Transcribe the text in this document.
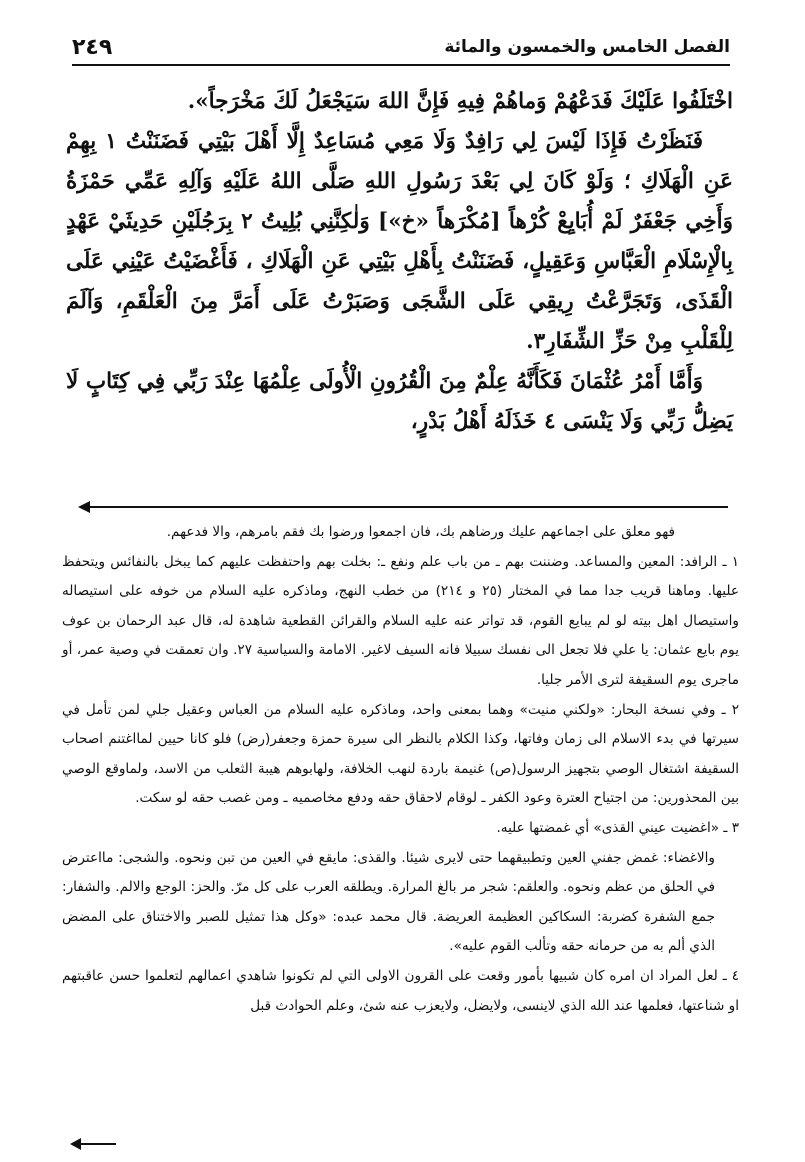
الفصل الخامس والخمسون والمائة
٢٤٩

اخْتَلَفُوا عَلَيْكَ فَدَعْهُمْ وَماهُمْ فِيهِ فَإِنَّ اللهَ سَيَجْعَلُ لَكَ مَخْرَجاً».

فَنَظَرْتُ فَإِذَا لَيْسَ لِي رَافِدٌ وَلَا مَعِي مُسَاعِدٌ إِلَّا أَهْلَ بَيْتِي فَضَنَنْتُ ١ بِهِمْ عَنِ الْهَلَاكِ ؛ وَلَوْ كَانَ لِي بَعْدَ رَسُولِ اللهِ صَلَّى اللهُ عَلَيْهِ وَآلِهِ عَمِّي حَمْزَةُ وَأَخِي جَعْفَرٌ لَمْ أُبَايِعْ كُرْهاً [مُكْرَهاً «خ»] وَلٰكِنَّنِي بُلِيتُ ٢ بِرَجُلَيْنِ حَدِيثَيْ عَهْدٍ بِالْإِسْلَامِ الْعَبَّاسِ وَعَقِيلٍ، فَضَنَنْتُ بِأَهْلِ بَيْتِي عَنِ الْهَلَاكِ ، فَأَغْضَيْتُ عَيْنِي عَلَى الْقَذَى، وَتَجَرَّعْتُ رِيقِي عَلَى الشَّجَى وَصَبَرْتُ عَلَى أَمَرَّ مِنَ الْعَلْقَمِ، وَآلَمَ لِلْقَلْبِ مِنْ حَزِّ الشِّفَارِ٣.

وَأَمَّا أَمْرُ عُثْمَانَ فَكَأَنَّهُ عِلْمٌ مِنَ الْقُرُونِ الْأُولَى عِلْمُهَا عِنْدَ رَبِّي فِي كِتَابٍ لَا يَضِلُّ رَبِّي وَلَا يَنْسَى ٤ خَذَلَهُ أَهْلُ بَدْرٍ،

فهو معلق على اجماعهم عليك ورضاهم بك، فان اجمعوا ورضوا بك فقم بامرهم، والا فدعهم.

١ ـ الرافد: المعين والمساعد. وضننت بهم ـ من باب علم ونفع ـ: بخلت بهم واحتفظت عليهم كما يبخل بالنفائس ويتحفظ عليها. وماهنا قريب جدا مما في المختار (٢٥ و ٢١٤) من خطب النهج، وماذكره عليه السلام من خوفه على استيصاله واستيصال اهل بيته لو لم يبايع القوم، قد تواتر عنه عليه السلام والقرائن القطعية شاهدة له، قال عبد الرحمان بن عوف يوم بايع عثمان: يا علي فلا تجعل الى نفسك سبيلا فانه السيف لاغير. الامامة والسياسية ٢٧. وان تعمقت في وصية عمر، أو ماجرى يوم السقيفة لترى الأمر جليا.

٢ ـ وفي نسخة البحار: «ولكني منيت» وهما بمعنى واحد، وماذكره عليه السلام من العباس وعقيل جلي لمن تأمل في سيرتها في بدء الاسلام الى زمان وفاتها، وكذا الكلام بالنظر الى سيرة حمزة وجعفر(رض) فلو كانا حيين لمااغتنم اصحاب السقيفة اشتغال الوصي بتجهيز الرسول(ص) غنيمة باردة لنهب الخلافة، ولهابوهم هيبة الثعلب من الاسد، ولماوقع الوصي بين المحذورين: من اجتياح العترة وعود الكفر ـ لوقام لاحقاق حقه ودفع مخاصميه ـ ومن غصب حقه لو سكت.

٣ ـ «اغضيت عيني القذى» أي غمضتها عليه.

والاغضاء: غمض جفني العين وتطبيقهما حتى لايرى شيئا. والقذى: مايقع في العين من تبن ونحوه. والشجى: مااعترض في الحلق من عظم ونحوه. والعلقم: شجر مر بالغ المرارة. ويطلقه العرب على كل مرّ. والحز: الوجع والالم. والشفار: جمع الشفرة كضربة: السكاكين العظيمة العريضة. قال محمد عبده: «وكل هذا تمثيل للصبر والاختناق على المضض الذي ألم به من حرمانه حقه وتألب القوم عليه».

٤ ـ لعل المراد ان امره كان شبيها بأمور وقعت على القرون الاولى التي لم تكونوا شاهدي اعمالهم لتعلموا حسن عاقبتهم او شناعتها، فعلمها عند الله الذي لاينسى، ولايضل، ولايعزب عنه شئ، وعلم الحوادث قبل
